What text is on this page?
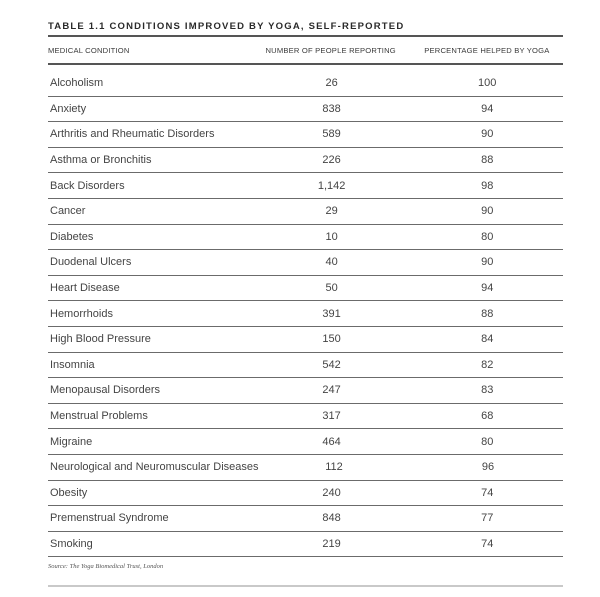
TABLE 1.1 CONDITIONS IMPROVED BY YOGA, SELF-REPORTED
MEDICAL CONDITION	NUMBER OF PEOPLE REPORTING	PERCENTAGE HELPED BY YOGA
Alcoholism	26	100
Anxiety	838	94
Arthritis and Rheumatic Disorders	589	90
Asthma or Bronchitis	226	88
Back Disorders	1,142	98
Cancer	29	90
Diabetes	10	80
Duodenal Ulcers	40	90
Heart Disease	50	94
Hemorrhoids	391	88
High Blood Pressure	150	84
Insomnia	542	82
Menopausal Disorders	247	83
Menstrual Problems	317	68
Migraine	464	80
Neurological and Neuromuscular Diseases	112	96
Obesity	240	74
Premenstrual Syndrome	848	77
Smoking	219	74
Source: The Yoga Biomedical Trust, London
